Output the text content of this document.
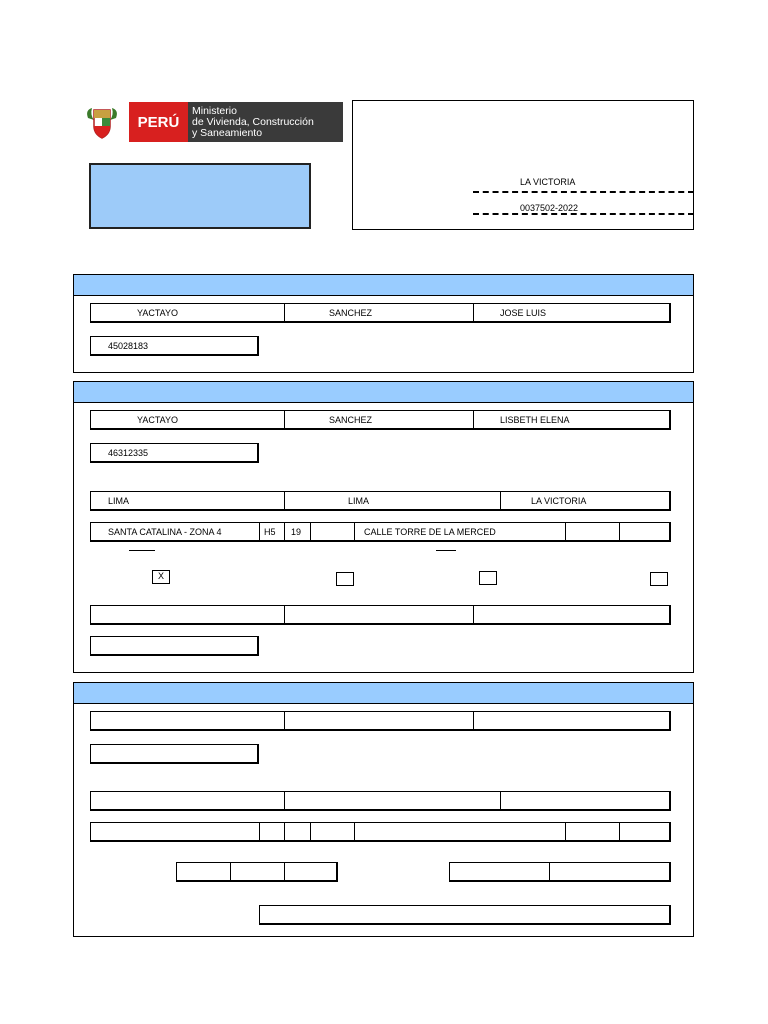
PERÚ
Ministerio
de Vivienda, Construcción
y Saneamiento
LA VICTORIA
0037502-2022
YACTAYO	SANCHEZ	JOSE LUIS
45028183
YACTAYO	SANCHEZ	LISBETH ELENA
46312335
LIMA	LIMA	LA VICTORIA
SANTA CATALINA - ZONA 4	H5	19	CALLE TORRE DE LA MERCED
X
